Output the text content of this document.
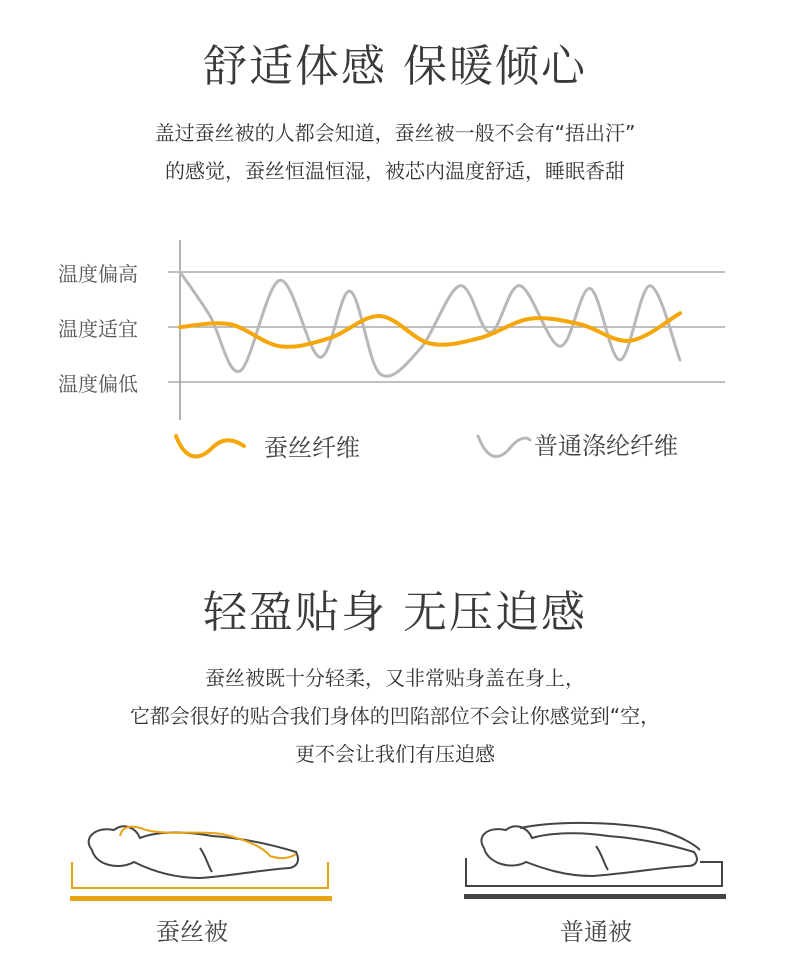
舒适体感 保暖倾心
盖过蚕丝被的人都会知道，蚕丝被一般不会有“捂出汗”
的感觉，蚕丝恒温恒湿，被芯内温度舒适，睡眠香甜
温度偏高
温度适宜
温度偏低
蚕丝纤维	普通涤纶纤维
轻盈贴身 无压迫感
蚕丝被既十分轻柔，又非常贴身盖在身上，
它都会很好的贴合我们身体的凹陷部位不会让你感觉到“空，
更不会让我们有压迫感
蚕丝被	普通被
